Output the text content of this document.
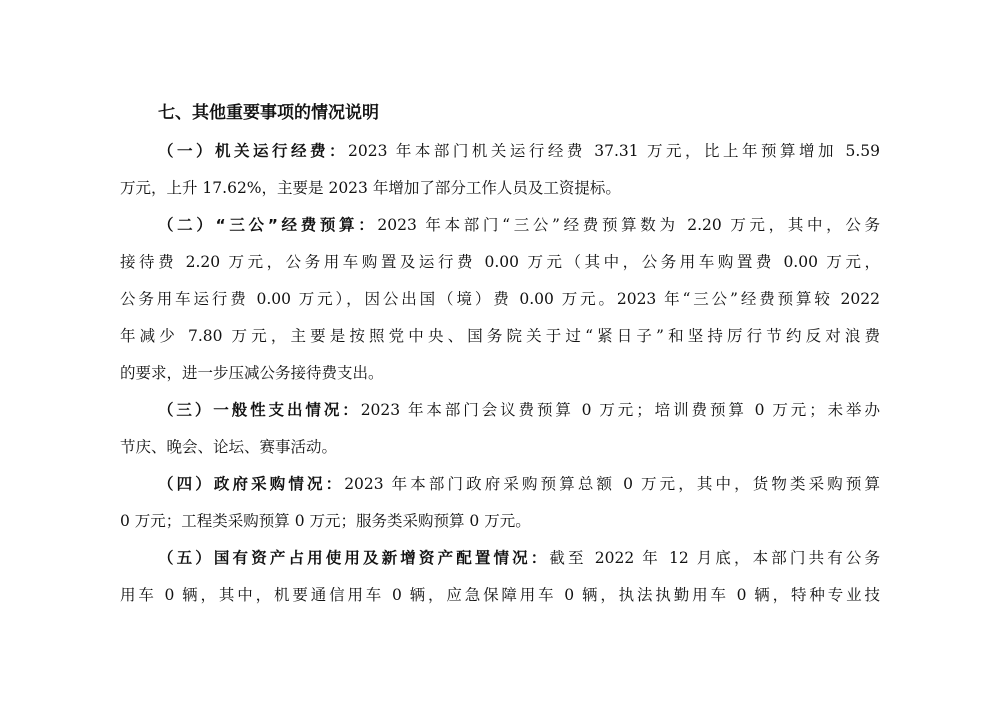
七、其他重要事项的情况说明
（一）机关运行经费：2023 年本部门机关运行经费 37.31 万元，比上年预算增加 5.59
万元，上升 17.62%，主要是 2023 年增加了部分工作人员及工资提标。
（二）“三公”经费预算：2023 年本部门“三公”经费预算数为 2.20 万元，其中，公务
接待费 2.20 万元，公务用车购置及运行费 0.00 万元（其中，公务用车购置费 0.00 万元，
公务用车运行费 0.00 万元），因公出国（境）费 0.00 万元。2023 年“三公”经费预算较 2022
年减少 7.80 万元，主要是按照党中央、国务院关于过“紧日子”和坚持厉行节约反对浪费
的要求，进一步压减公务接待费支出。
（三）一般性支出情况：2023 年本部门会议费预算 0 万元；培训费预算 0 万元；未举办
节庆、晚会、论坛、赛事活动。
（四）政府采购情况：2023 年本部门政府采购预算总额 0 万元，其中，货物类采购预算
0 万元；工程类采购预算 0 万元；服务类采购预算 0 万元。
（五）国有资产占用使用及新增资产配置情况：截至 2022 年 12 月底，本部门共有公务
用车 0 辆，其中，机要通信用车 0 辆，应急保障用车 0 辆，执法执勤用车 0 辆，特种专业技
